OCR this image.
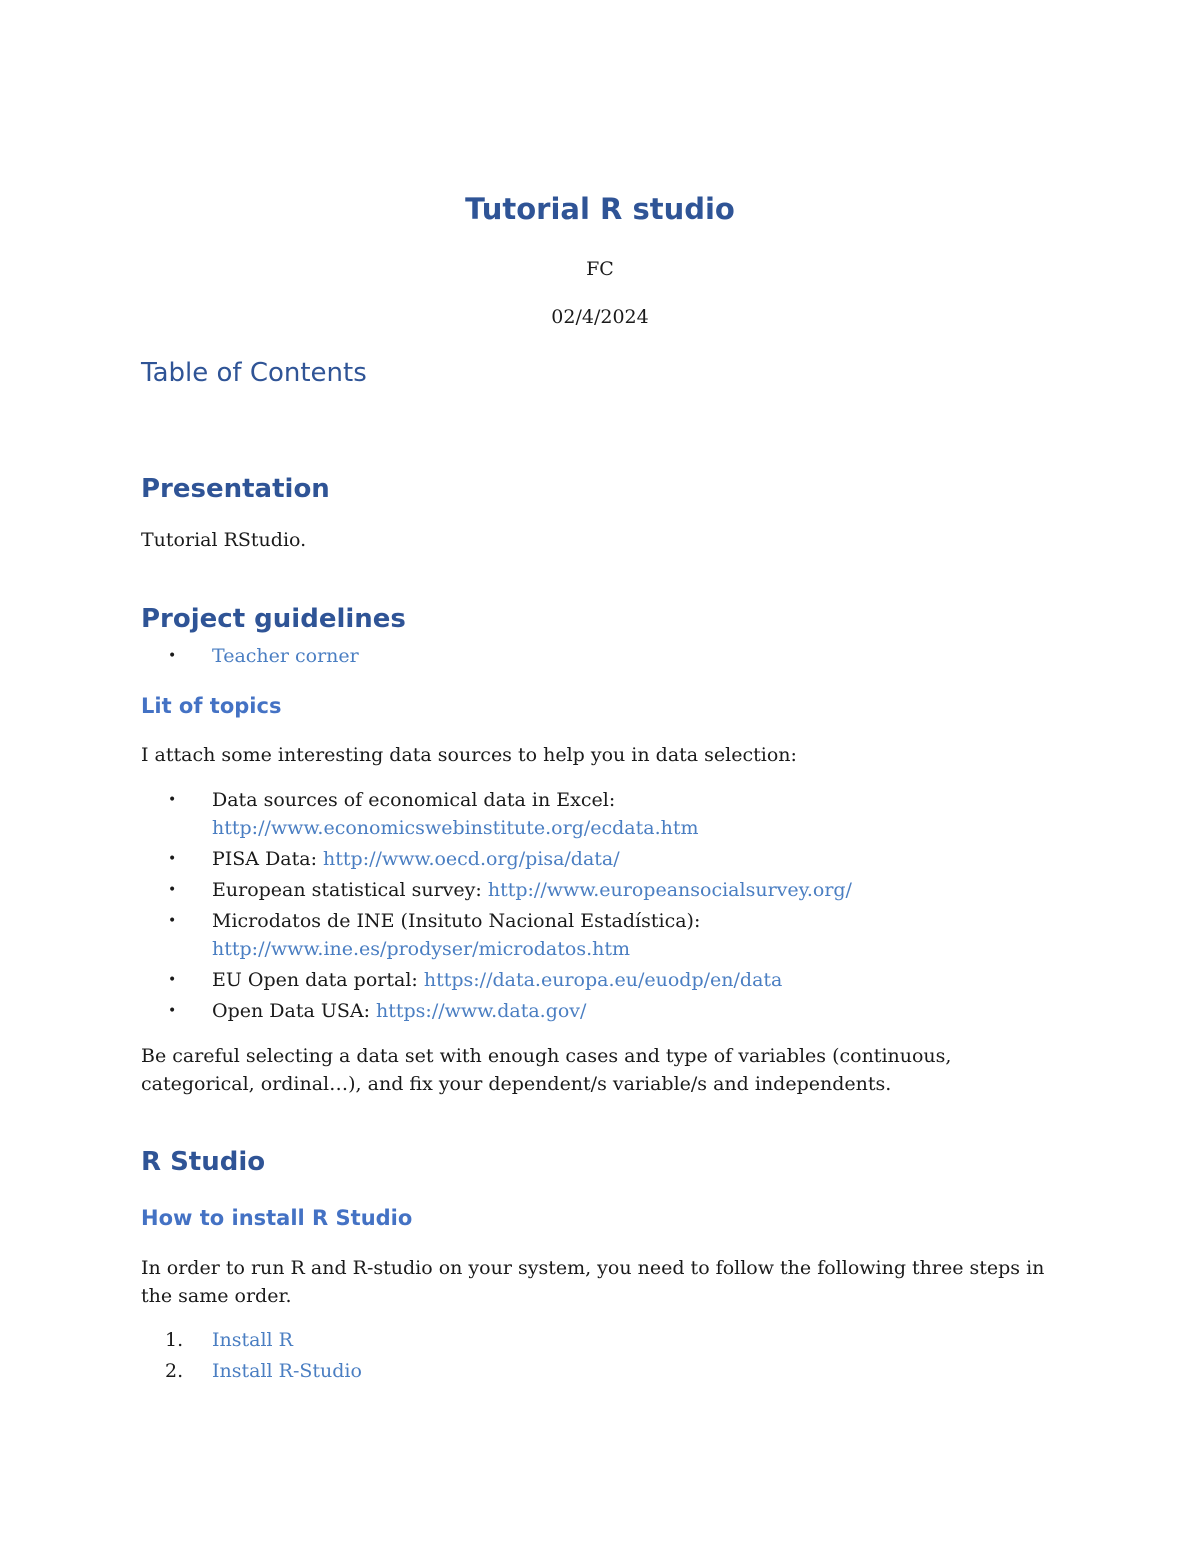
Tutorial R studio

FC

02/4/2024

Table of Contents
Presentation

Tutorial RStudio.

Project guidelines
• Teacher corner
Lit of topics

I attach some interesting data sources to help you in data selection:

• Data sources of economical data in Excel:
http://www.economicswebinstitute.org/ecdata.htm
• PISA Data: http://www.oecd.org/pisa/data/
• European statistical survey: http://www.europeansocialsurvey.org/
• Microdatos de INE (Insituto Nacional Estadística):
http://www.ine.es/prodyser/microdatos.htm
• EU Open data portal: https://data.europa.eu/euodp/en/data
• Open Data USA: https://www.data.gov/

Be careful selecting a data set with enough cases and type of variables (continuous, categorical, ordinal…), and fix your dependent/s variable/s and independents.

R Studio
How to install R Studio

In order to run R and R-studio on your system, you need to follow the following three steps in the same order.

1. Install R
2. Install R-Studio
